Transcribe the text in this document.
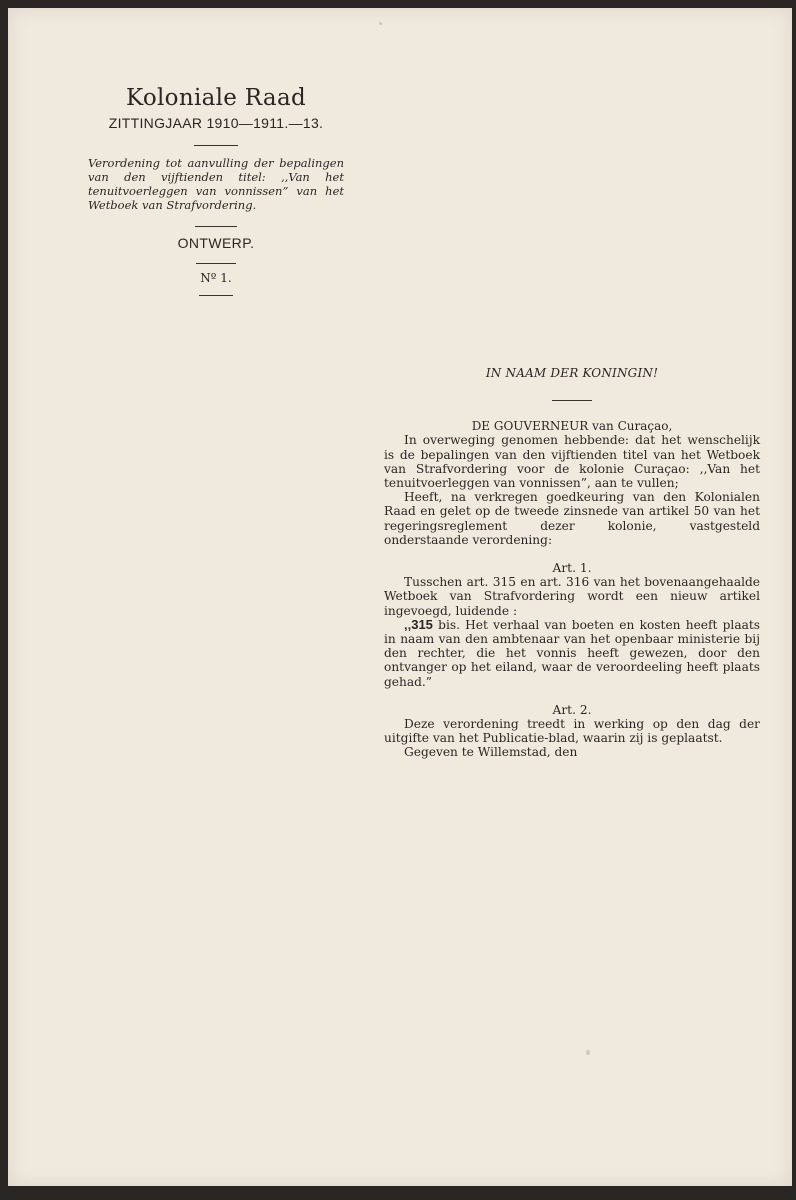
Koloniale Raad
ZITTINGJAAR 1910—1911.—13.
Verordening tot aanvulling der bepalingen van den vijftienden titel: ‚‚Van het tenuitvoerleggen van vonnissen” van het Wetboek van Strafvordering.
ONTWERP.
Nº 1.
IN NAAM DER KONINGIN!
DE GOUVERNEUR van Curaçao,

In overweging genomen hebbende: dat het wenschelijk is de bepalingen van den vijftienden titel van het Wetboek van Strafvordering voor de kolonie Curaçao: ‚‚Van het tenuitvoerleggen van vonnissen”, aan te vullen;

Heeft, na verkregen goedkeuring van den Kolonialen Raad en gelet op de tweede zinsnede van artikel 50 van het regeringsreglement dezer kolonie, vastgesteld onderstaande verordening:

Art. 1.

Tusschen art. 315 en art. 316 van het bovenaangehaalde Wetboek van Strafvordering wordt een nieuw artikel ingevoegd, luidende :

‚‚315 bis. Het verhaal van boeten en kosten heeft plaats in naam van den ambtenaar van het openbaar ministerie bij den rechter, die het vonnis heeft gewezen, door den ontvanger op het eiland, waar de veroordeeling heeft plaats gehad.”

Art. 2.

Deze verordening treedt in werking op den dag der uitgifte van het Publicatie-blad, waarin zij is geplaatst.

Gegeven te Willemstad, den
